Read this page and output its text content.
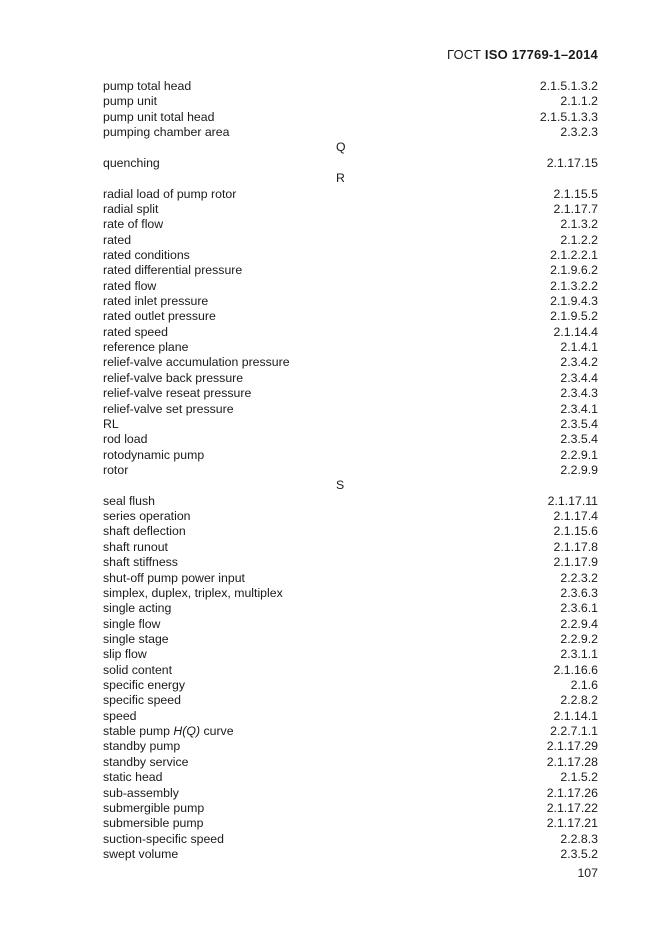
ГОСТ ISO 17769-1–2014
pump total head	2.1.5.1.3.2
pump unit	2.1.1.2
pump unit total head	2.1.5.1.3.3
pumping chamber area	2.3.2.3
Q
quenching	2.1.17.15
R
radial load of pump rotor	2.1.15.5
radial split	2.1.17.7
rate of flow	2.1.3.2
rated	2.1.2.2
rated conditions	2.1.2.2.1
rated differential pressure	2.1.9.6.2
rated flow	2.1.3.2.2
rated inlet pressure	2.1.9.4.3
rated outlet pressure	2.1.9.5.2
rated speed	2.1.14.4
reference plane	2.1.4.1
relief-valve accumulation pressure	2.3.4.2
relief-valve back pressure	2.3.4.4
relief-valve reseat pressure	2.3.4.3
relief-valve set pressure	2.3.4.1
RL	2.3.5.4
rod load	2.3.5.4
rotodynamic pump	2.2.9.1
rotor	2.2.9.9
S
seal flush	2.1.17.11
series operation	2.1.17.4
shaft deflection	2.1.15.6
shaft runout	2.1.17.8
shaft stiffness	2.1.17.9
shut-off pump power input	2.2.3.2
simplex, duplex, triplex, multiplex	2.3.6.3
single acting	2.3.6.1
single flow	2.2.9.4
single stage	2.2.9.2
slip flow	2.3.1.1
solid content	2.1.16.6
specific energy	2.1.6
specific speed	2.2.8.2
speed	2.1.14.1
stable pump H(Q) curve	2.2.7.1.1
standby pump	2.1.17.29
standby service	2.1.17.28
static head	2.1.5.2
sub-assembly	2.1.17.26
submergible pump	2.1.17.22
submersible pump	2.1.17.21
suction-specific speed	2.2.8.3
swept volume	2.3.5.2
107
